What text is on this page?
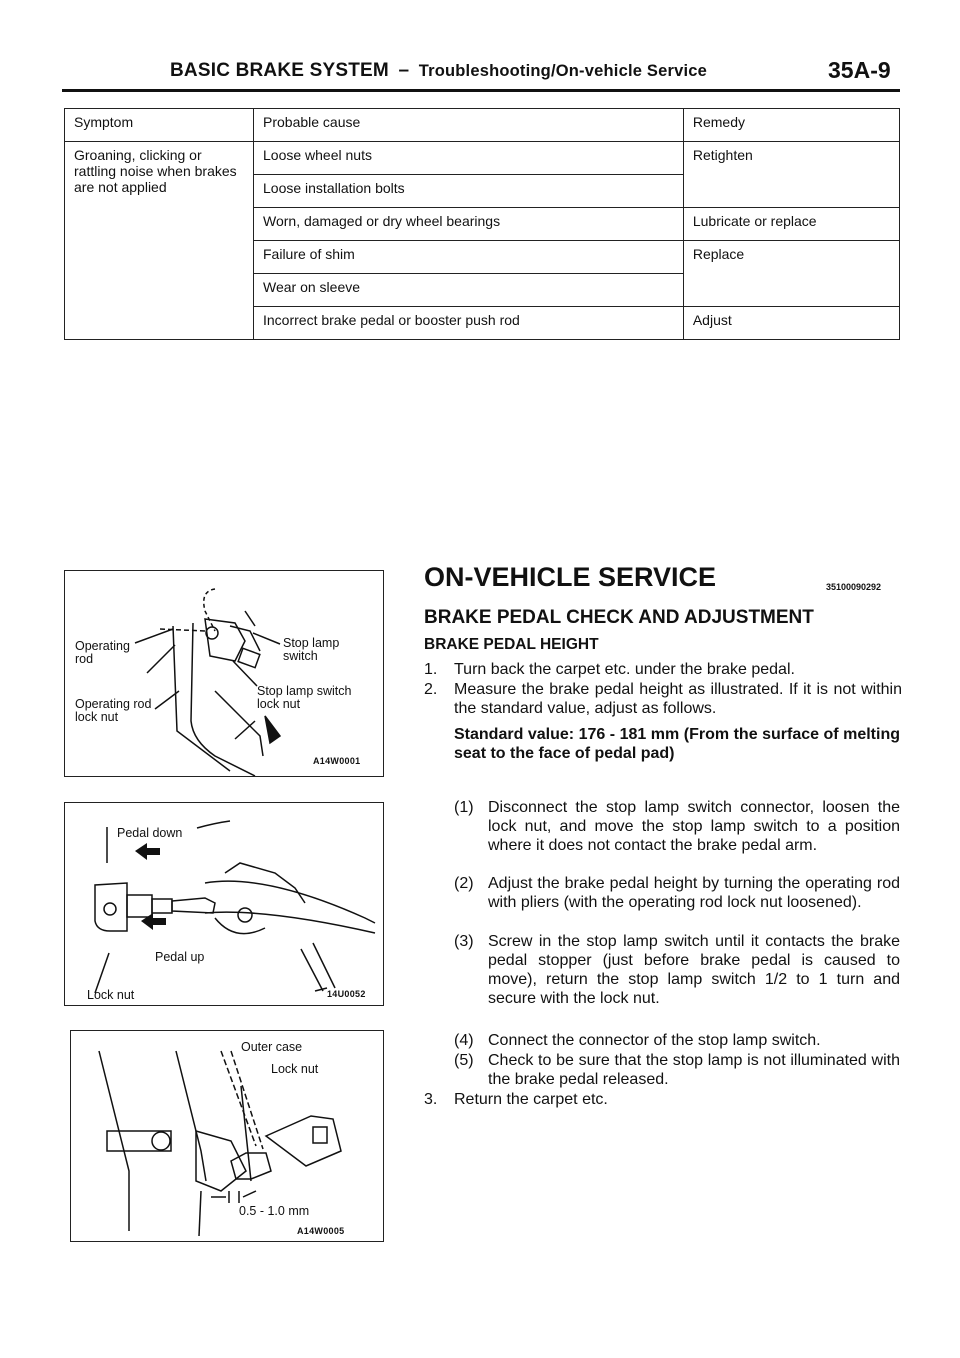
BASIC BRAKE SYSTEM – Troubleshooting/On-vehicle Service	35A-9
Symptom	Probable cause	Remedy

Groaning, clicking or rattling noise when brakes are not applied	Loose wheel nuts	Retighten
	Loose installation bolts	
	Worn, damaged or dry wheel bearings	Lubricate or replace
	Failure of shim	Replace
	Wear on sleeve	
	Incorrect brake pedal or booster push rod	Adjust
Operating rod
Operating rod lock nut
Stop lamp switch
Stop lamp switch lock nut
A14W0001
Pedal down
Pedal up
Lock nut	14U0052
Outer case
Lock nut
0.5 - 1.0 mm
A14W0005
ON-VEHICLE SERVICE	35100090292
BRAKE PEDAL CHECK AND ADJUSTMENT
BRAKE PEDAL HEIGHT
1. Turn back the carpet etc. under the brake pedal.
2. Measure the brake pedal height as illustrated. If it is not within the standard value, adjust as follows.
Standard value: 176 - 181 mm (From the surface of melting seat to the face of pedal pad)
(1) Disconnect the stop lamp switch connector, loosen the lock nut, and move the stop lamp switch to a position where it does not contact the brake pedal arm.
(2) Adjust the brake pedal height by turning the operating rod with pliers (with the operating rod lock nut loosened).
(3) Screw in the stop lamp switch until it contacts the brake pedal stopper (just before brake pedal is caused to move), return the stop lamp switch 1/2 to 1 turn and secure with the lock nut.
(4) Connect the connector of the stop lamp switch.
(5) Check to be sure that the stop lamp is not illuminated with the brake pedal released.
3. Return the carpet etc.
